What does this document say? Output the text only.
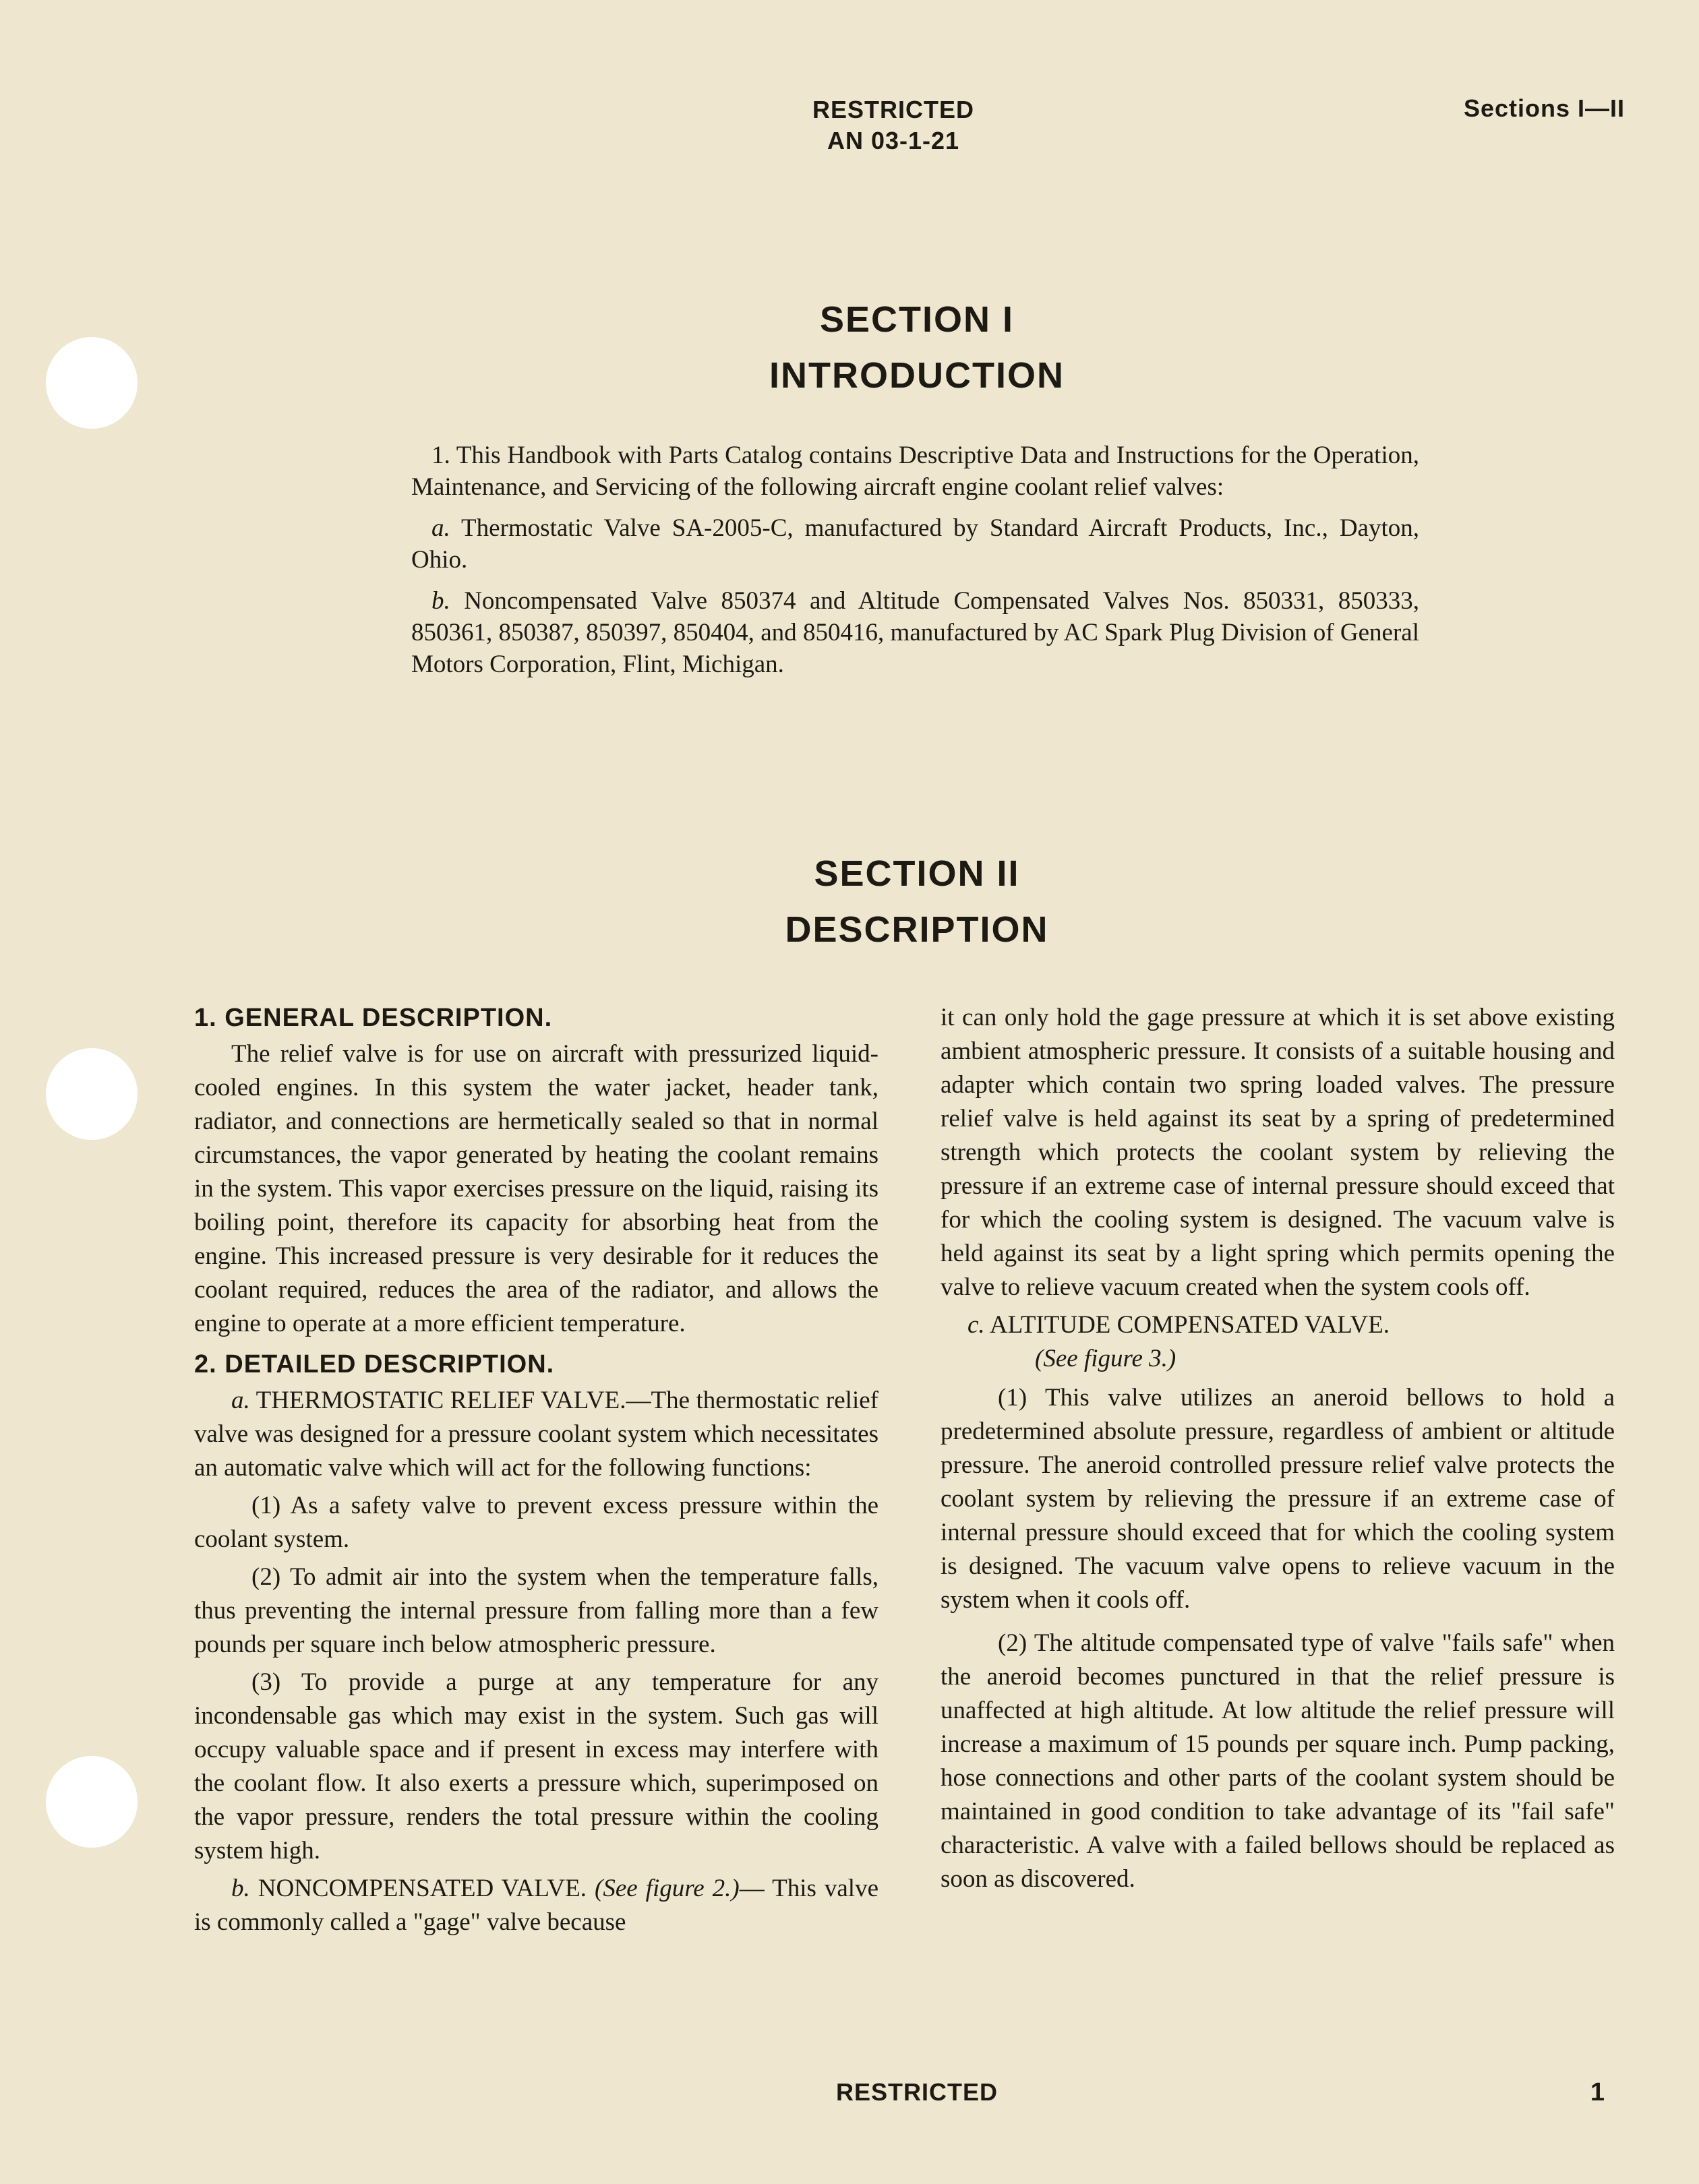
RESTRICTED
AN 03-1-21
Sections I—II
SECTION I
INTRODUCTION

1. This Handbook with Parts Catalog contains Descriptive Data and Instructions for the Operation, Maintenance, and Servicing of the following aircraft engine coolant relief valves:

a. Thermostatic Valve SA-2005-C, manufactured by Standard Aircraft Products, Inc., Dayton, Ohio.

b. Noncompensated Valve 850374 and Altitude Compensated Valves Nos. 850331, 850333, 850361, 850387, 850397, 850404, and 850416, manufactured by AC Spark Plug Division of General Motors Corporation, Flint, Michigan.

SECTION II
DESCRIPTION
1. GENERAL DESCRIPTION.

The relief valve is for use on aircraft with pressurized liquid-cooled engines. In this system the water jacket, header tank, radiator, and connections are hermetically sealed so that in normal circumstances, the vapor generated by heating the coolant remains in the system. This vapor exercises pressure on the liquid, raising its boiling point, therefore its capacity for absorbing heat from the engine. This increased pressure is very desirable for it reduces the coolant required, reduces the area of the radiator, and allows the engine to operate at a more efficient temperature.

2. DETAILED DESCRIPTION.

a. THERMOSTATIC RELIEF VALVE.—The thermostatic relief valve was designed for a pressure coolant system which necessitates an automatic valve which will act for the following functions:

(1) As a safety valve to prevent excess pressure within the coolant system.

(2) To admit air into the system when the temperature falls, thus preventing the internal pressure from falling more than a few pounds per square inch below atmospheric pressure.

(3) To provide a purge at any temperature for any incondensable gas which may exist in the system. Such gas will occupy valuable space and if present in excess may interfere with the coolant flow. It also exerts a pressure which, superimposed on the vapor pressure, renders the total pressure within the cooling system high.

b. NONCOMPENSATED VALVE. (See figure 2.)— This valve is commonly called a "gage" valve because

it can only hold the gage pressure at which it is set above existing ambient atmospheric pressure. It consists of a suitable housing and adapter which contain two spring loaded valves. The pressure relief valve is held against its seat by a spring of predetermined strength which protects the coolant system by relieving the pressure if an extreme case of internal pressure should exceed that for which the cooling system is designed. The vacuum valve is held against its seat by a light spring which permits opening the valve to relieve vacuum created when the system cools off.

c. ALTITUDE COMPENSATED VALVE.
(See figure 3.)

(1) This valve utilizes an aneroid bellows to hold a predetermined absolute pressure, regardless of ambient or altitude pressure. The aneroid controlled pressure relief valve protects the coolant system by relieving the pressure if an extreme case of internal pressure should exceed that for which the cooling system is designed. The vacuum valve opens to relieve vacuum in the system when it cools off.

(2) The altitude compensated type of valve "fails safe" when the aneroid becomes punctured in that the relief pressure is unaffected at high altitude. At low altitude the relief pressure will increase a maximum of 15 pounds per square inch. Pump packing, hose connections and other parts of the coolant system should be maintained in good condition to take advantage of its "fail safe" characteristic. A valve with a failed bellows should be replaced as soon as discovered.

RESTRICTED	1
